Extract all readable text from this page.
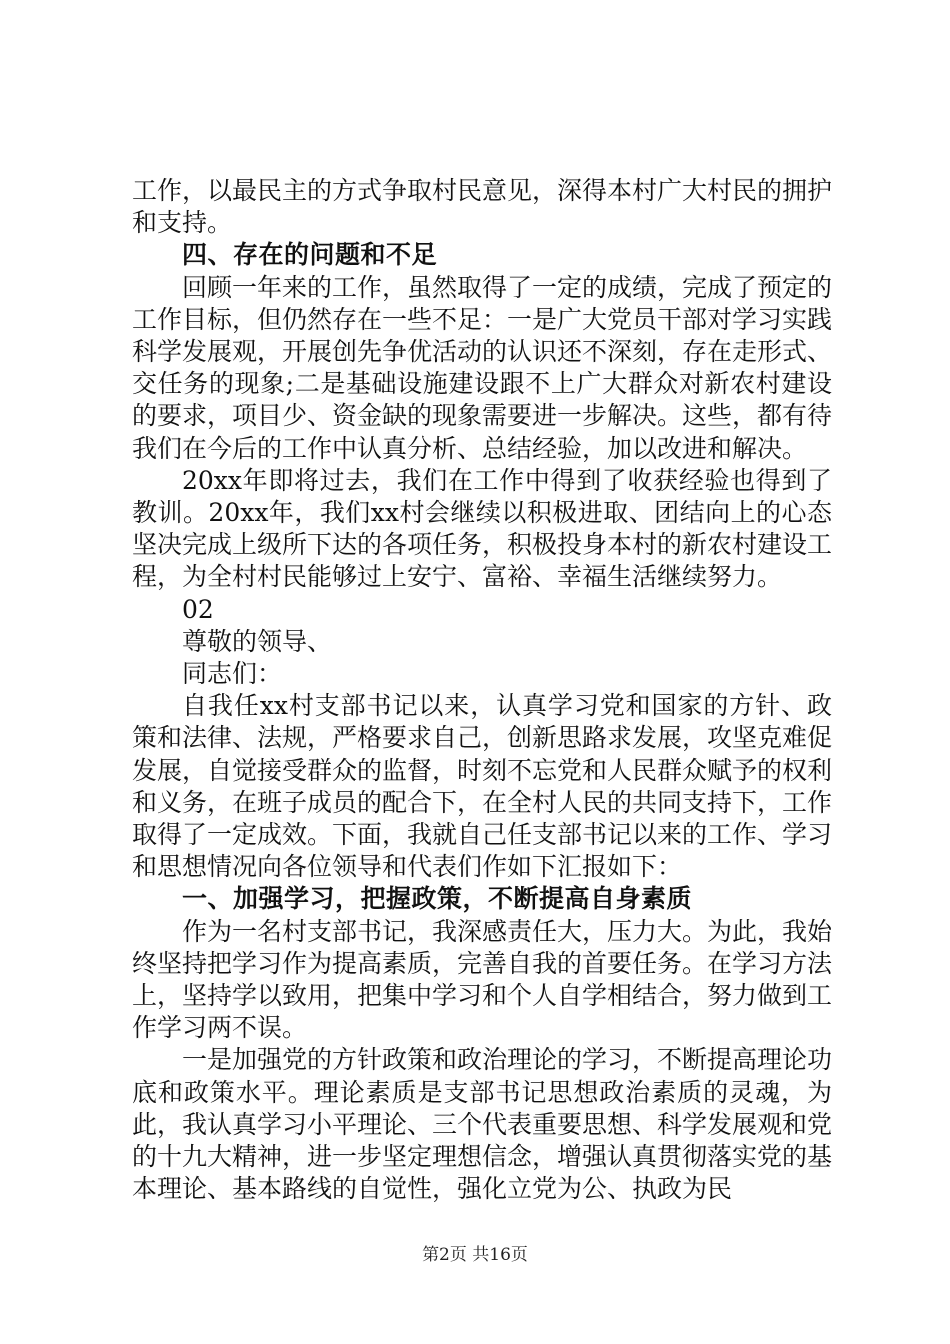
工作，以最民主的方式争取村民意见，深得本村广大村民的拥护和支持。

四、存在的问题和不足

回顾一年来的工作，虽然取得了一定的成绩，完成了预定的工作目标，但仍然存在一些不足：一是广大党员干部对学习实践科学发展观，开展创先争优活动的认识还不深刻，存在走形式、交任务的现象;二是基础设施建设跟不上广大群众对新农村建设的要求，项目少、资金缺的现象需要进一步解决。这些，都有待我们在今后的工作中认真分析、总结经验，加以改进和解决。

20xx年即将过去，我们在工作中得到了收获经验也得到了教训。20xx年，我们xx村会继续以积极进取、团结向上的心态坚决完成上级所下达的各项任务，积极投身本村的新农村建设工程，为全村村民能够过上安宁、富裕、幸福生活继续努力。

02

尊敬的领导、

同志们：

自我任xx村支部书记以来，认真学习党和国家的方针、政策和法律、法规，严格要求自己，创新思路求发展，攻坚克难促发展，自觉接受群众的监督，时刻不忘党和人民群众赋予的权利和义务，在班子成员的配合下，在全村人民的共同支持下，工作取得了一定成效。下面，我就自己任支部书记以来的工作、学习和思想情况向各位领导和代表们作如下汇报如下：

一、加强学习，把握政策，不断提高自身素质

作为一名村支部书记，我深感责任大，压力大。为此，我始终坚持把学习作为提高素质，完善自我的首要任务。在学习方法上，坚持学以致用，把集中学习和个人自学相结合，努力做到工作学习两不误。

一是加强党的方针政策和政治理论的学习，不断提高理论功底和政策水平。理论素质是支部书记思想政治素质的灵魂，为此，我认真学习小平理论、三个代表重要思想、科学发展观和党的十九大精神，进一步坚定理想信念，增强认真贯彻落实党的基本理论、基本路线的自觉性，强化立党为公、执政为民

第2页 共16页
